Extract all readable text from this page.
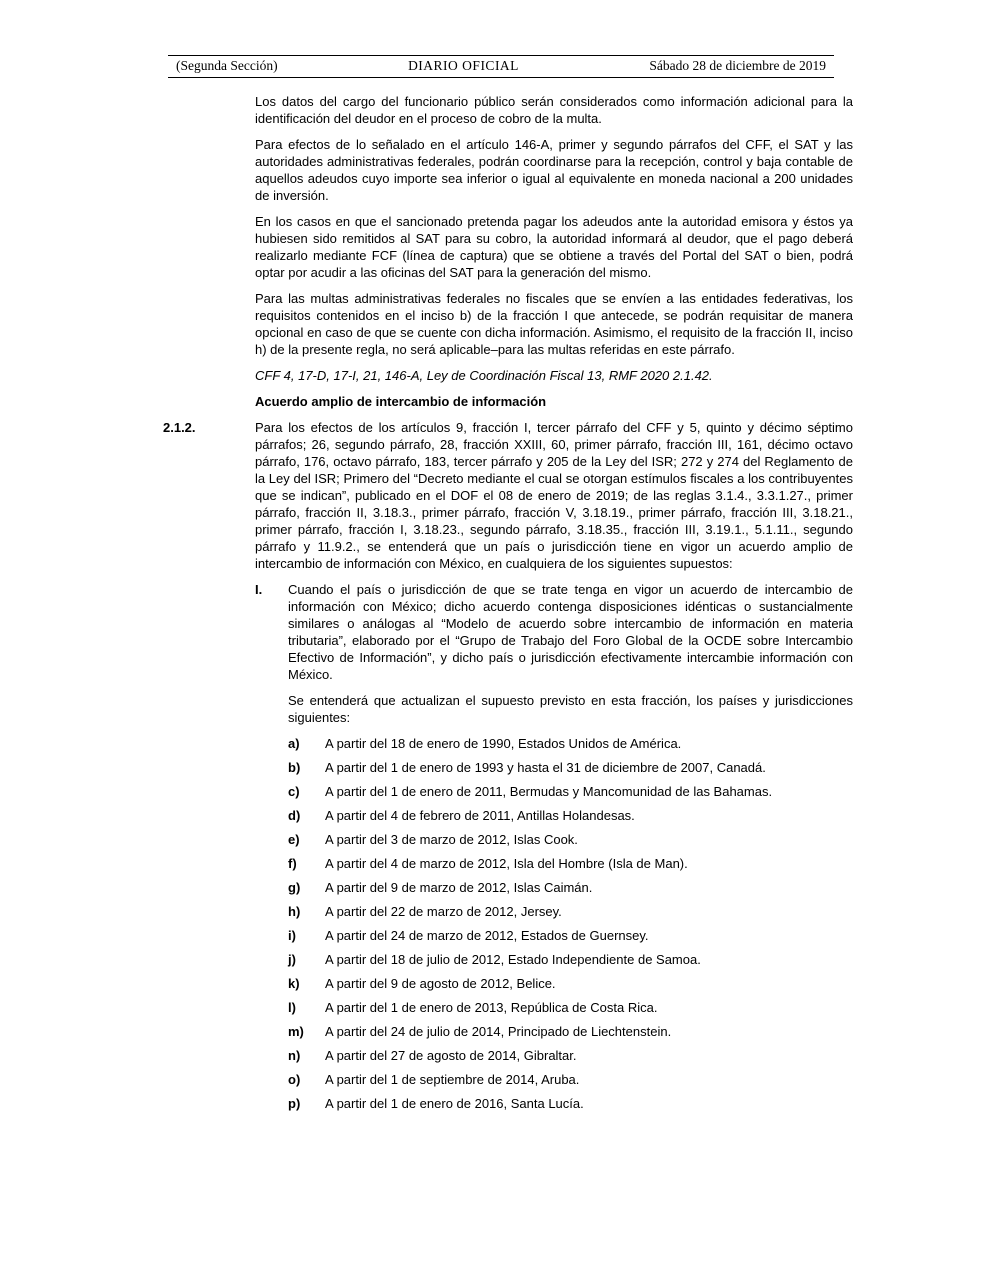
(Segunda Sección)	DIARIO OFICIAL	Sábado 28 de diciembre de 2019

Los datos del cargo del funcionario público serán considerados como información adicional para la identificación del deudor en el proceso de cobro de la multa.

Para efectos de lo señalado en el artículo 146-A, primer y segundo párrafos del CFF, el SAT y las autoridades administrativas federales, podrán coordinarse para la recepción, control y baja contable de aquellos adeudos cuyo importe sea inferior o igual al equivalente en moneda nacional a 200 unidades de inversión.

En los casos en que el sancionado pretenda pagar los adeudos ante la autoridad emisora y éstos ya hubiesen sido remitidos al SAT para su cobro, la autoridad informará al deudor, que el pago deberá realizarlo mediante FCF (línea de captura) que se obtiene a través del Portal del SAT o bien, podrá optar por acudir a las oficinas del SAT para la generación del mismo.

Para las multas administrativas federales no fiscales que se envíen a las entidades federativas, los requisitos contenidos en el inciso b) de la fracción I que antecede, se podrán requisitar de manera opcional en caso de que se cuente con dicha información. Asimismo, el requisito de la fracción II, inciso h) de la presente regla, no será aplicable–para las multas referidas en este párrafo.

CFF 4, 17-D, 17-I, 21, 146-A, Ley de Coordinación Fiscal 13, RMF 2020 2.1.42.

Acuerdo amplio de intercambio de información

2.1.2.	Para los efectos de los artículos 9, fracción I, tercer párrafo del CFF y 5, quinto y décimo séptimo párrafos; 26, segundo párrafo, 28, fracción XXIII, 60, primer párrafo, fracción III, 161, décimo octavo párrafo, 176, octavo párrafo, 183, tercer párrafo y 205 de la Ley del ISR; 272 y 274 del Reglamento de la Ley del ISR; Primero del “Decreto mediante el cual se otorgan estímulos fiscales a los contribuyentes que se indican”, publicado en el DOF el 08 de enero de 2019; de las reglas 3.1.4., 3.3.1.27., primer párrafo, fracción II, 3.18.3., primer párrafo, fracción V, 3.18.19., primer párrafo, fracción III, 3.18.21., primer párrafo, fracción I, 3.18.23., segundo párrafo, 3.18.35., fracción III, 3.19.1., 5.1.11., segundo párrafo y 11.9.2., se entenderá que un país o jurisdicción tiene en vigor un acuerdo amplio de intercambio de información con México, en cualquiera de los siguientes supuestos:

I.	Cuando el país o jurisdicción de que se trate tenga en vigor un acuerdo de intercambio de información con México; dicho acuerdo contenga disposiciones idénticas o sustancialmente similares o análogas al “Modelo de acuerdo sobre intercambio de información en materia tributaria”, elaborado por el “Grupo de Trabajo del Foro Global de la OCDE sobre Intercambio Efectivo de Información”, y dicho país o jurisdicción efectivamente intercambie información con México.

Se entenderá que actualizan el supuesto previsto en esta fracción, los países y jurisdicciones siguientes:

a)	A partir del 18 de enero de 1990, Estados Unidos de América.
b)	A partir del 1 de enero de 1993 y hasta el 31 de diciembre de 2007, Canadá.
c)	A partir del 1 de enero de 2011, Bermudas y Mancomunidad de las Bahamas.
d)	A partir del 4 de febrero de 2011, Antillas Holandesas.
e)	A partir del 3 de marzo de 2012, Islas Cook.
f)	A partir del 4 de marzo de 2012, Isla del Hombre (Isla de Man).
g)	A partir del 9 de marzo de 2012, Islas Caimán.
h)	A partir del 22 de marzo de 2012, Jersey.
i)	A partir del 24 de marzo de 2012, Estados de Guernsey.
j)	A partir del 18 de julio de 2012, Estado Independiente de Samoa.
k)	A partir del 9 de agosto de 2012, Belice.
l)	A partir del 1 de enero de 2013, República de Costa Rica.
m)	A partir del 24 de julio de 2014, Principado de Liechtenstein.
n)	A partir del 27 de agosto de 2014, Gibraltar.
o)	A partir del 1 de septiembre de 2014, Aruba.
p)	A partir del 1 de enero de 2016, Santa Lucía.
